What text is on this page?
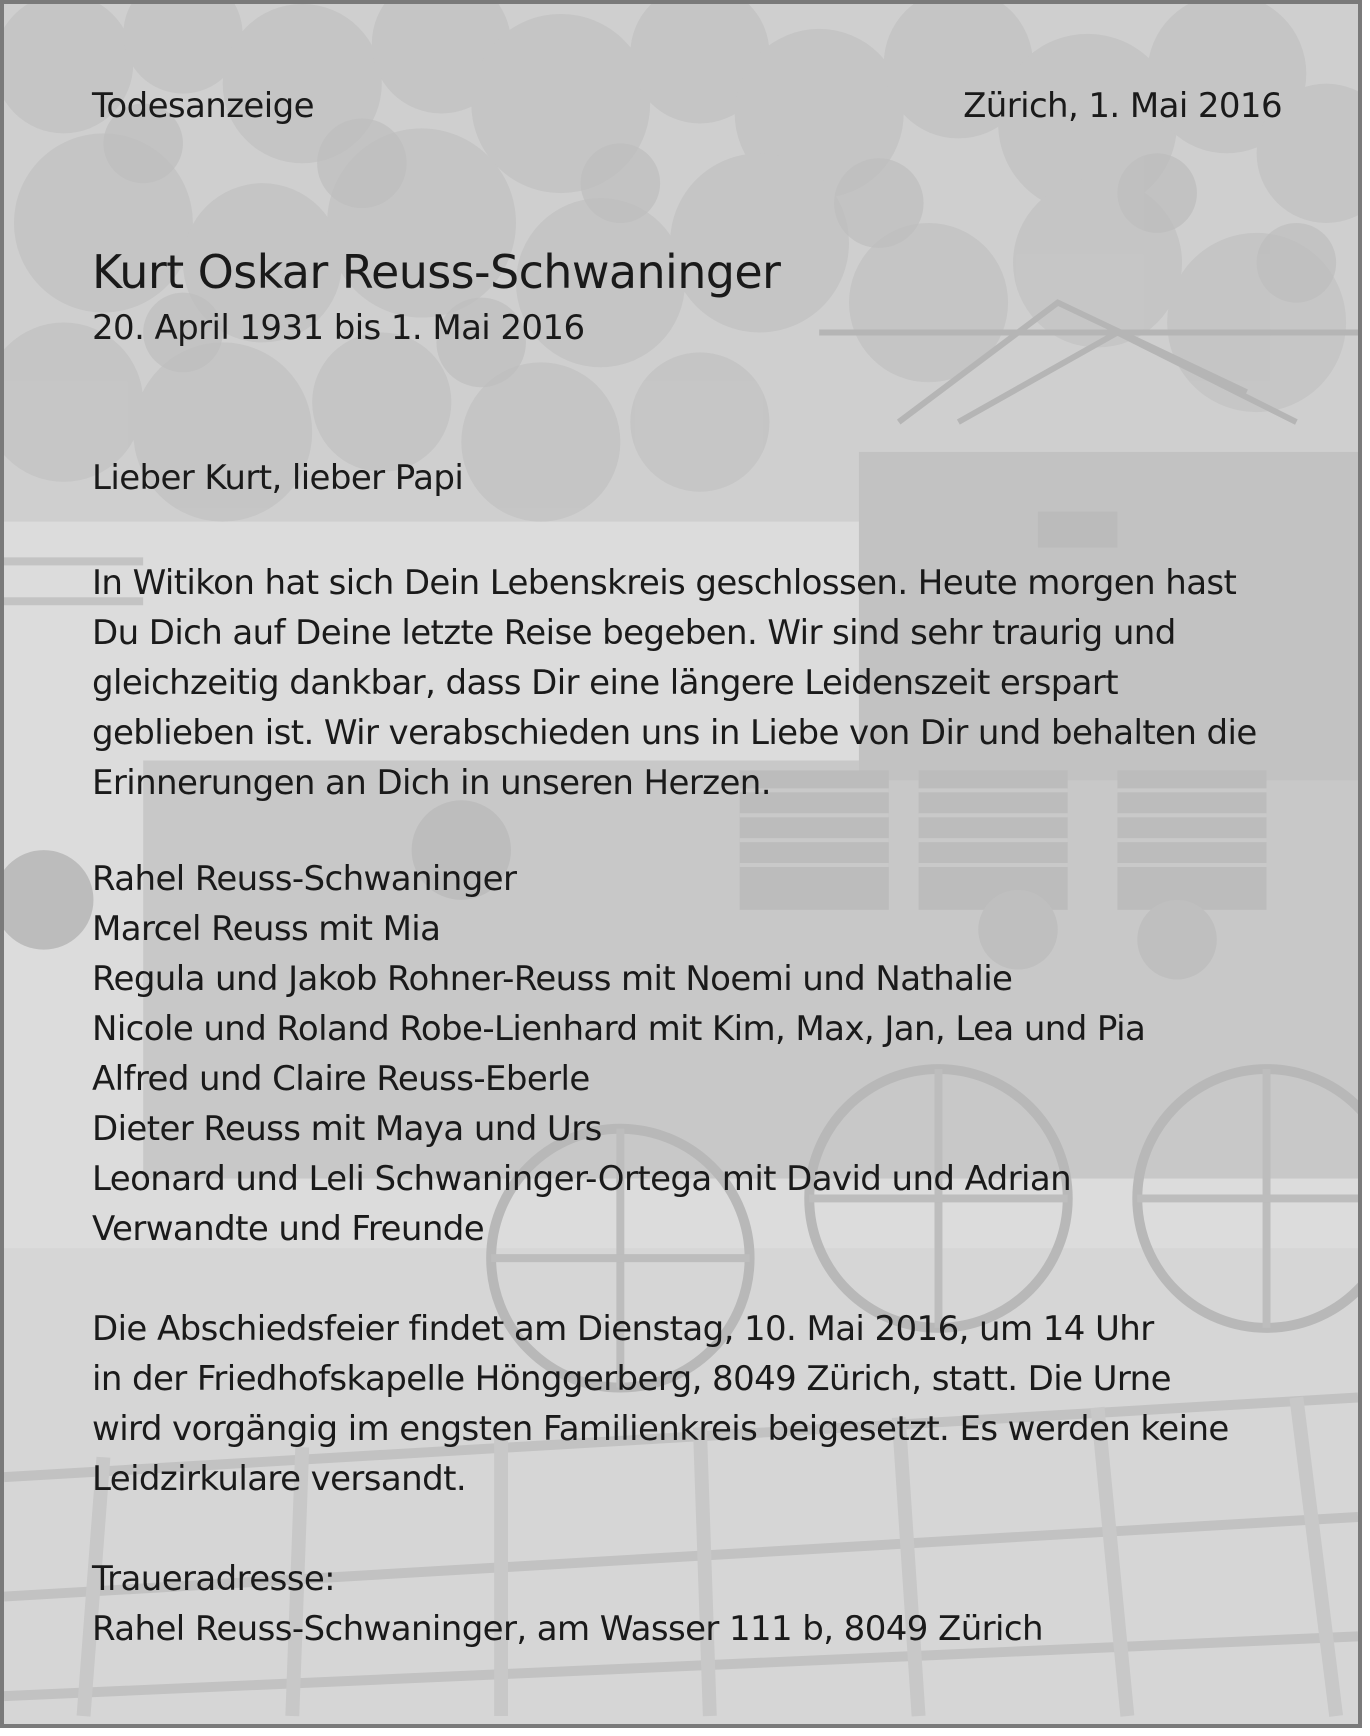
Todesanzeige	Zürich, 1. Mai 2016
Kurt Oskar Reuss-Schwaninger
20. April 1931 bis 1. Mai 2016
Lieber Kurt, lieber Papi
In Witikon hat sich Dein Lebenskreis geschlossen. Heute morgen hast
Du Dich auf Deine letzte Reise begeben. Wir sind sehr traurig und
gleichzeitig dankbar, dass Dir eine längere Leidenszeit erspart
geblieben ist. Wir verabschieden uns in Liebe von Dir und behalten die
Erinnerungen an Dich in unseren Herzen.
Rahel Reuss-Schwaninger
Marcel Reuss mit Mia
Regula und Jakob Rohner-Reuss mit Noemi und Nathalie
Nicole und Roland Robe-Lienhard mit Kim, Max, Jan, Lea und Pia
Alfred und Claire Reuss-Eberle
Dieter Reuss mit Maya und Urs
Leonard und Leli Schwaninger-Ortega mit David und Adrian
Verwandte und Freunde
Die Abschiedsfeier findet am Dienstag, 10. Mai 2016, um 14 Uhr
in der Friedhofskapelle Hönggerberg, 8049 Zürich, statt. Die Urne
wird vorgängig im engsten Familienkreis beigesetzt. Es werden keine
Leidzirkulare versandt.
Traueradresse:
Rahel Reuss-Schwaninger, am Wasser 111 b, 8049 Zürich
